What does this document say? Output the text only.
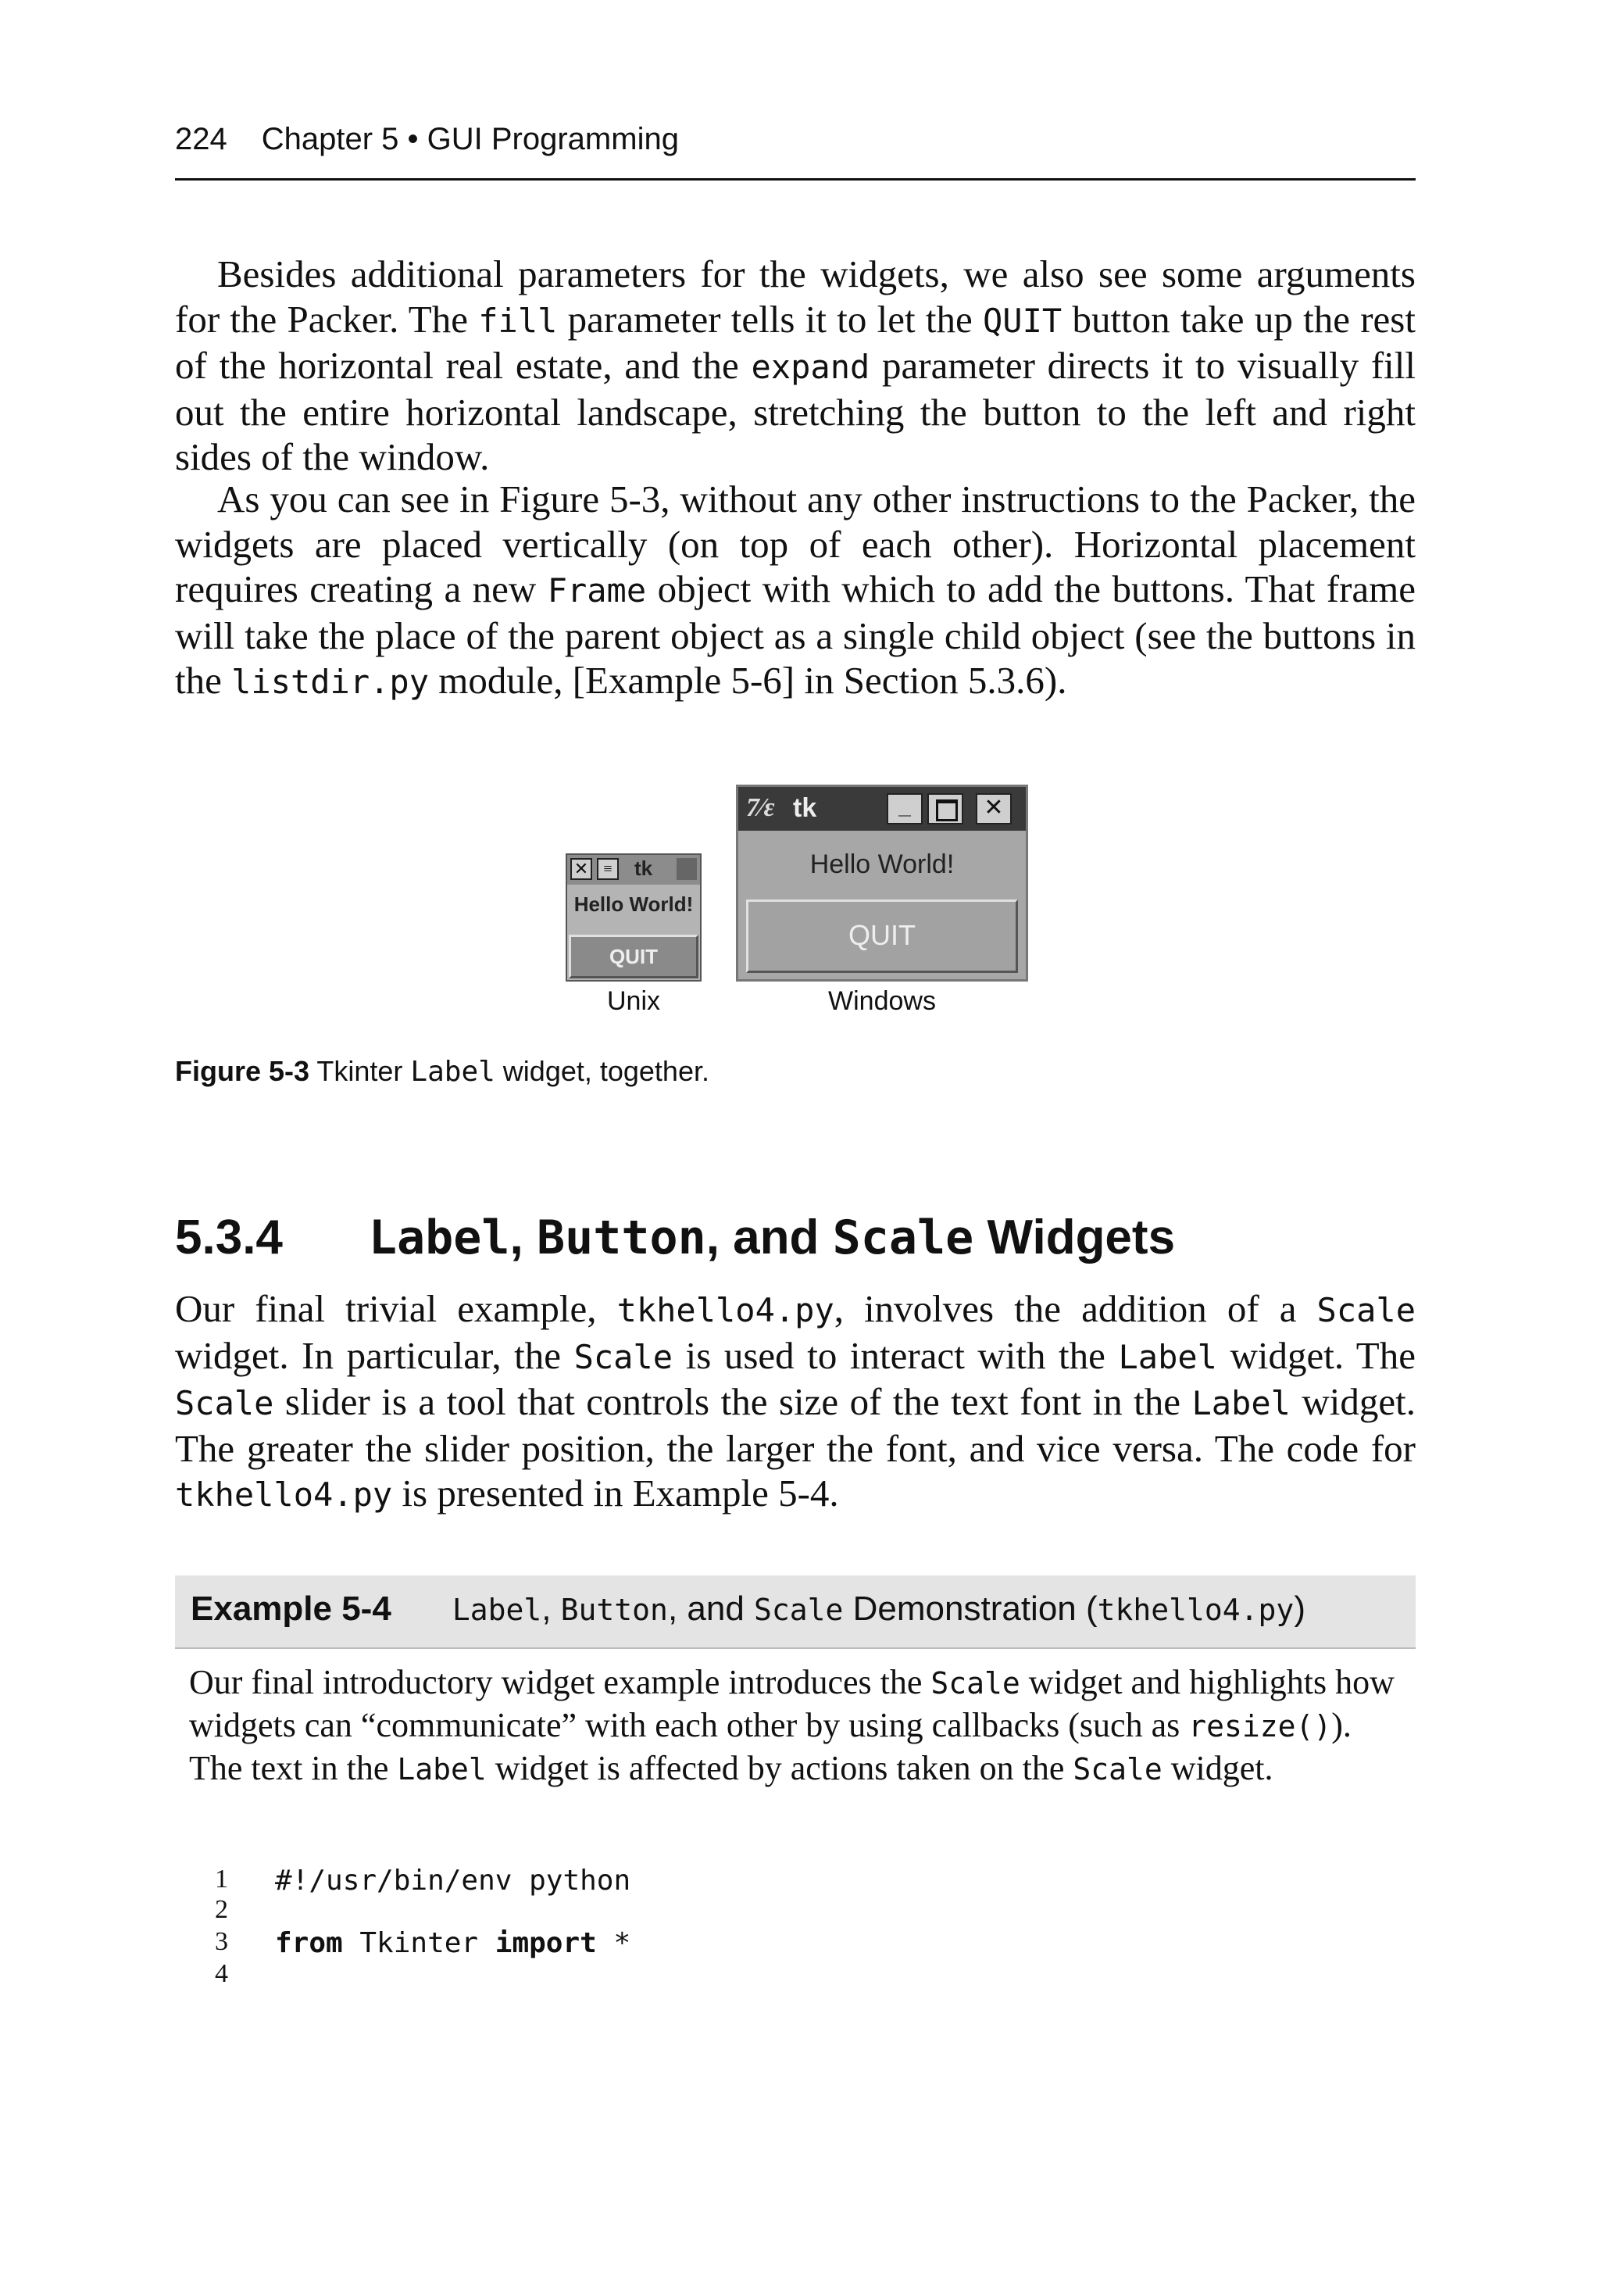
224 Chapter 5 • GUI Programming
Besides additional parameters for the widgets, we also see some arguments for the Packer. The fill parameter tells it to let the QUIT button take up the rest of the horizontal real estate, and the expand parameter directs it to visually fill out the entire horizontal landscape, stretching the button to the left and right sides of the window.
As you can see in Figure 5-3, without any other instructions to the Packer, the widgets are placed vertically (on top of each other). Horizontal placement requires creating a new Frame object with which to add the buttons. That frame will take the place of the parent object as a single child object (see the buttons in the listdir.py module, [Example 5-6] in Section 5.3.6).
✕ ≡	tk
Hello World!
QUIT
Unix
7⁄ɛ tk	_	✕
Hello World!
QUIT
Windows
Figure 5-3 Tkinter Label widget, together.
5.3.4 Label, Button, and Scale Widgets
Our final trivial example, tkhello4.py, involves the addition of a Scale widget. In particular, the Scale is used to interact with the Label widget. The Scale slider is a tool that controls the size of the text font in the Label widget. The greater the slider position, the larger the font, and vice versa. The code for tkhello4.py is presented in Example 5-4.
Example 5-4 Label, Button, and Scale Demonstration (tkhello4.py)
Our final introductory widget example introduces the Scale widget and highlights how widgets can “communicate” with each other by using callbacks (such as resize()). The text in the Label widget is affected by actions taken on the Scale widget.
1 #!/usr/bin/env python
2
3 from Tkinter import *
4
